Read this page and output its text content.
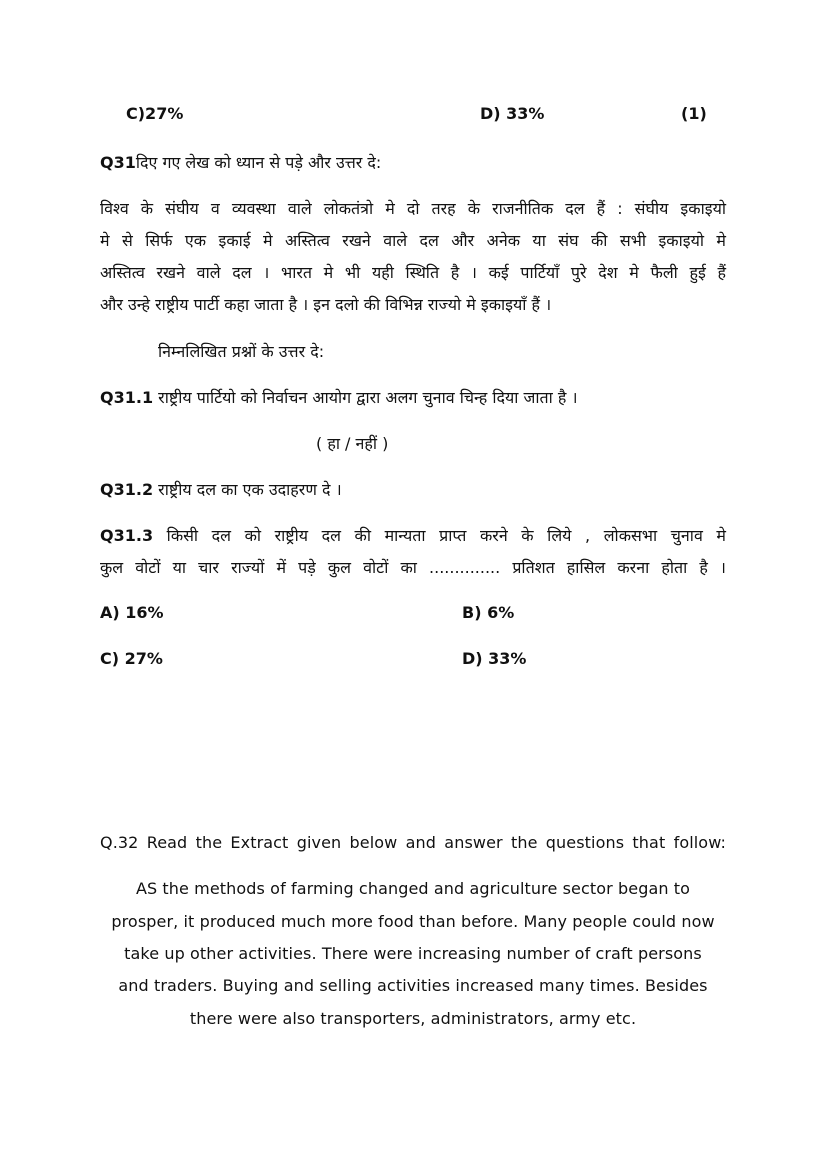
C)27%	D) 33%	(1)
Q31दिए गए लेख को ध्यान से पड़े और उत्तर दे:
विश्व के संघीय व व्यवस्था वाले लोकतंत्रो मे दो तरह के राजनीतिक दल हैं : संघीय इकाइयो
मे से सिर्फ एक इकाई मे अस्तित्व रखने वाले दल और अनेक या संघ की सभी इकाइयो मे
अस्तित्व रखने वाले दल । भारत मे भी यही स्थिति है । कई पार्टियाँ पुरे देश मे फैली हुई हैं
और उन्हे राष्ट्रीय पार्टी कहा जाता है । इन दलो की विभिन्न राज्यो मे इकाइयाँ हैं ।
निम्नलिखित प्रश्नों के उत्तर दे:
Q31.1 राष्ट्रीय पार्टियो को निर्वाचन आयोग द्वारा अलग चुनाव चिन्ह दिया जाता है ।
( हा / नहीं )
Q31.2 राष्ट्रीय दल का एक उदाहरण दे ।
Q31.3 किसी दल को राष्ट्रीय दल की मान्यता प्राप्त करने के लिये , लोकसभा चुनाव मे
कुल वोटों या चार राज्यों में पड़े कुल वोटों का .............. प्रतिशत हासिल करना होता है ।
A) 16%	B) 6%
C) 27%	D) 33%
Q.32 Read the Extract given below and answer the questions that follow:
AS the methods of farming changed and agriculture sector began to
prosper, it produced much more food than before. Many people could now
take up other activities. There were increasing number of craft persons
and traders. Buying and selling activities increased many times. Besides
there were also transporters, administrators, army etc.
